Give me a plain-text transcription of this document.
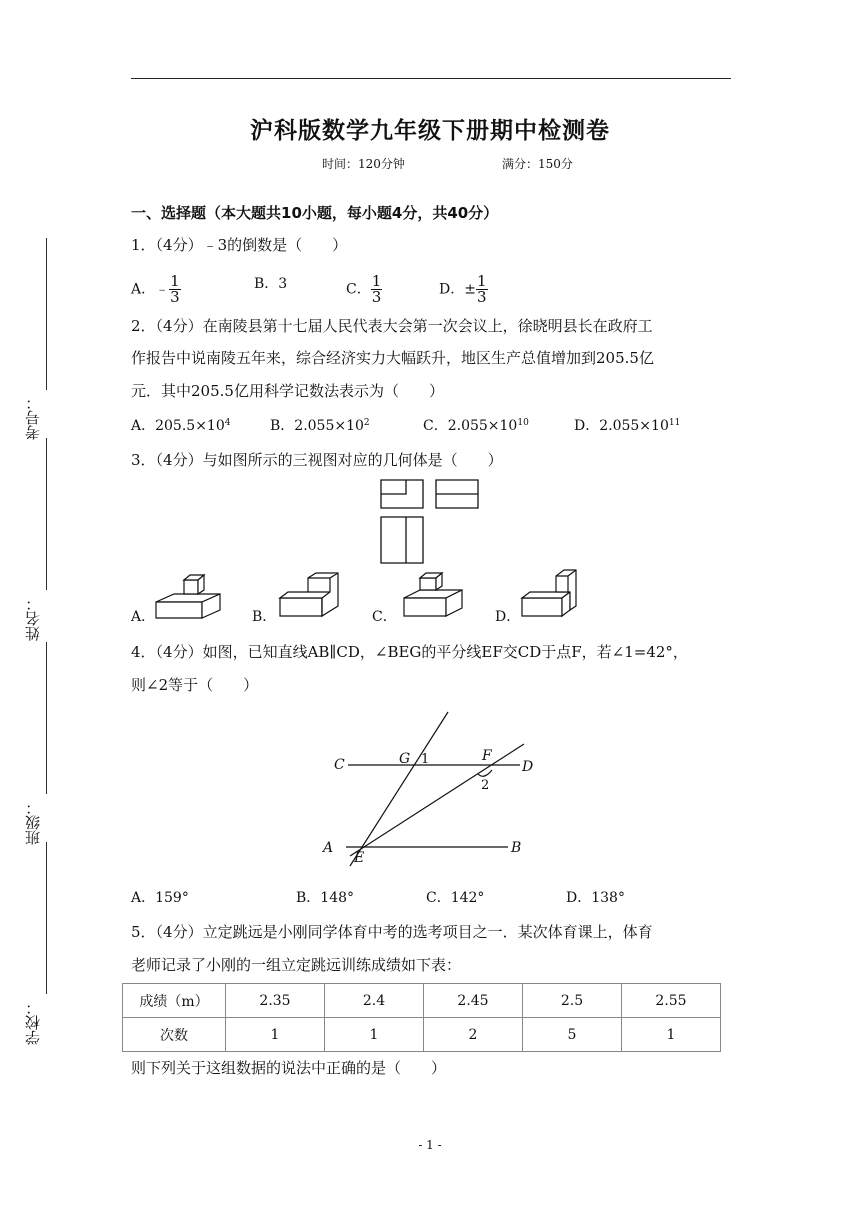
沪科版数学九年级下册期中检测卷
时间：120分钟	满分：150分
考号：
姓名：
班级：
学校：
一、选择题（本大题共10小题，每小题4分，共40分）
1．（4分）﹣3的倒数是（　　）
A．﹣ $\frac{1}{3}$	B．3	C． $\frac{1}{3}$	D．± $\frac{1}{3}$
2．（4分）在南陵县第十七届人民代表大会第一次会议上，徐晓明县长在政府工
作报告中说南陵五年来，综合经济实力大幅跃升，地区生产总值增加到205.5亿
元．其中205.5亿用科学记数法表示为（　　）
A．$205.5\times 10^4$	B．$2.055\times 10^2$	C．$2.055\times 10^{10}$	D．$2.055\times 10^{11}$
3．（4分）与如图所示的三视图对应的几何体是（　　）
A．	B．	C．	D．
4．（4分）如图，已知直线AB∥CD，∠BEG的平分线EF交CD于点F，若∠1=42°，
则∠2等于（　　）
C	G 1	F
D
2
A
E
B
A．159°	B．148°	C．142°	D．138°
5．（4分）立定跳远是小刚同学体育中考的选考项目之一．某次体育课上，体育
老师记录了小刚的一组立定跳远训练成绩如下表：
成绩（m）	2.35	2.4	2.45	2.5	2.55
次数	1	1	2	5	1
则下列关于这组数据的说法中正确的是（　　）
- 1 -
